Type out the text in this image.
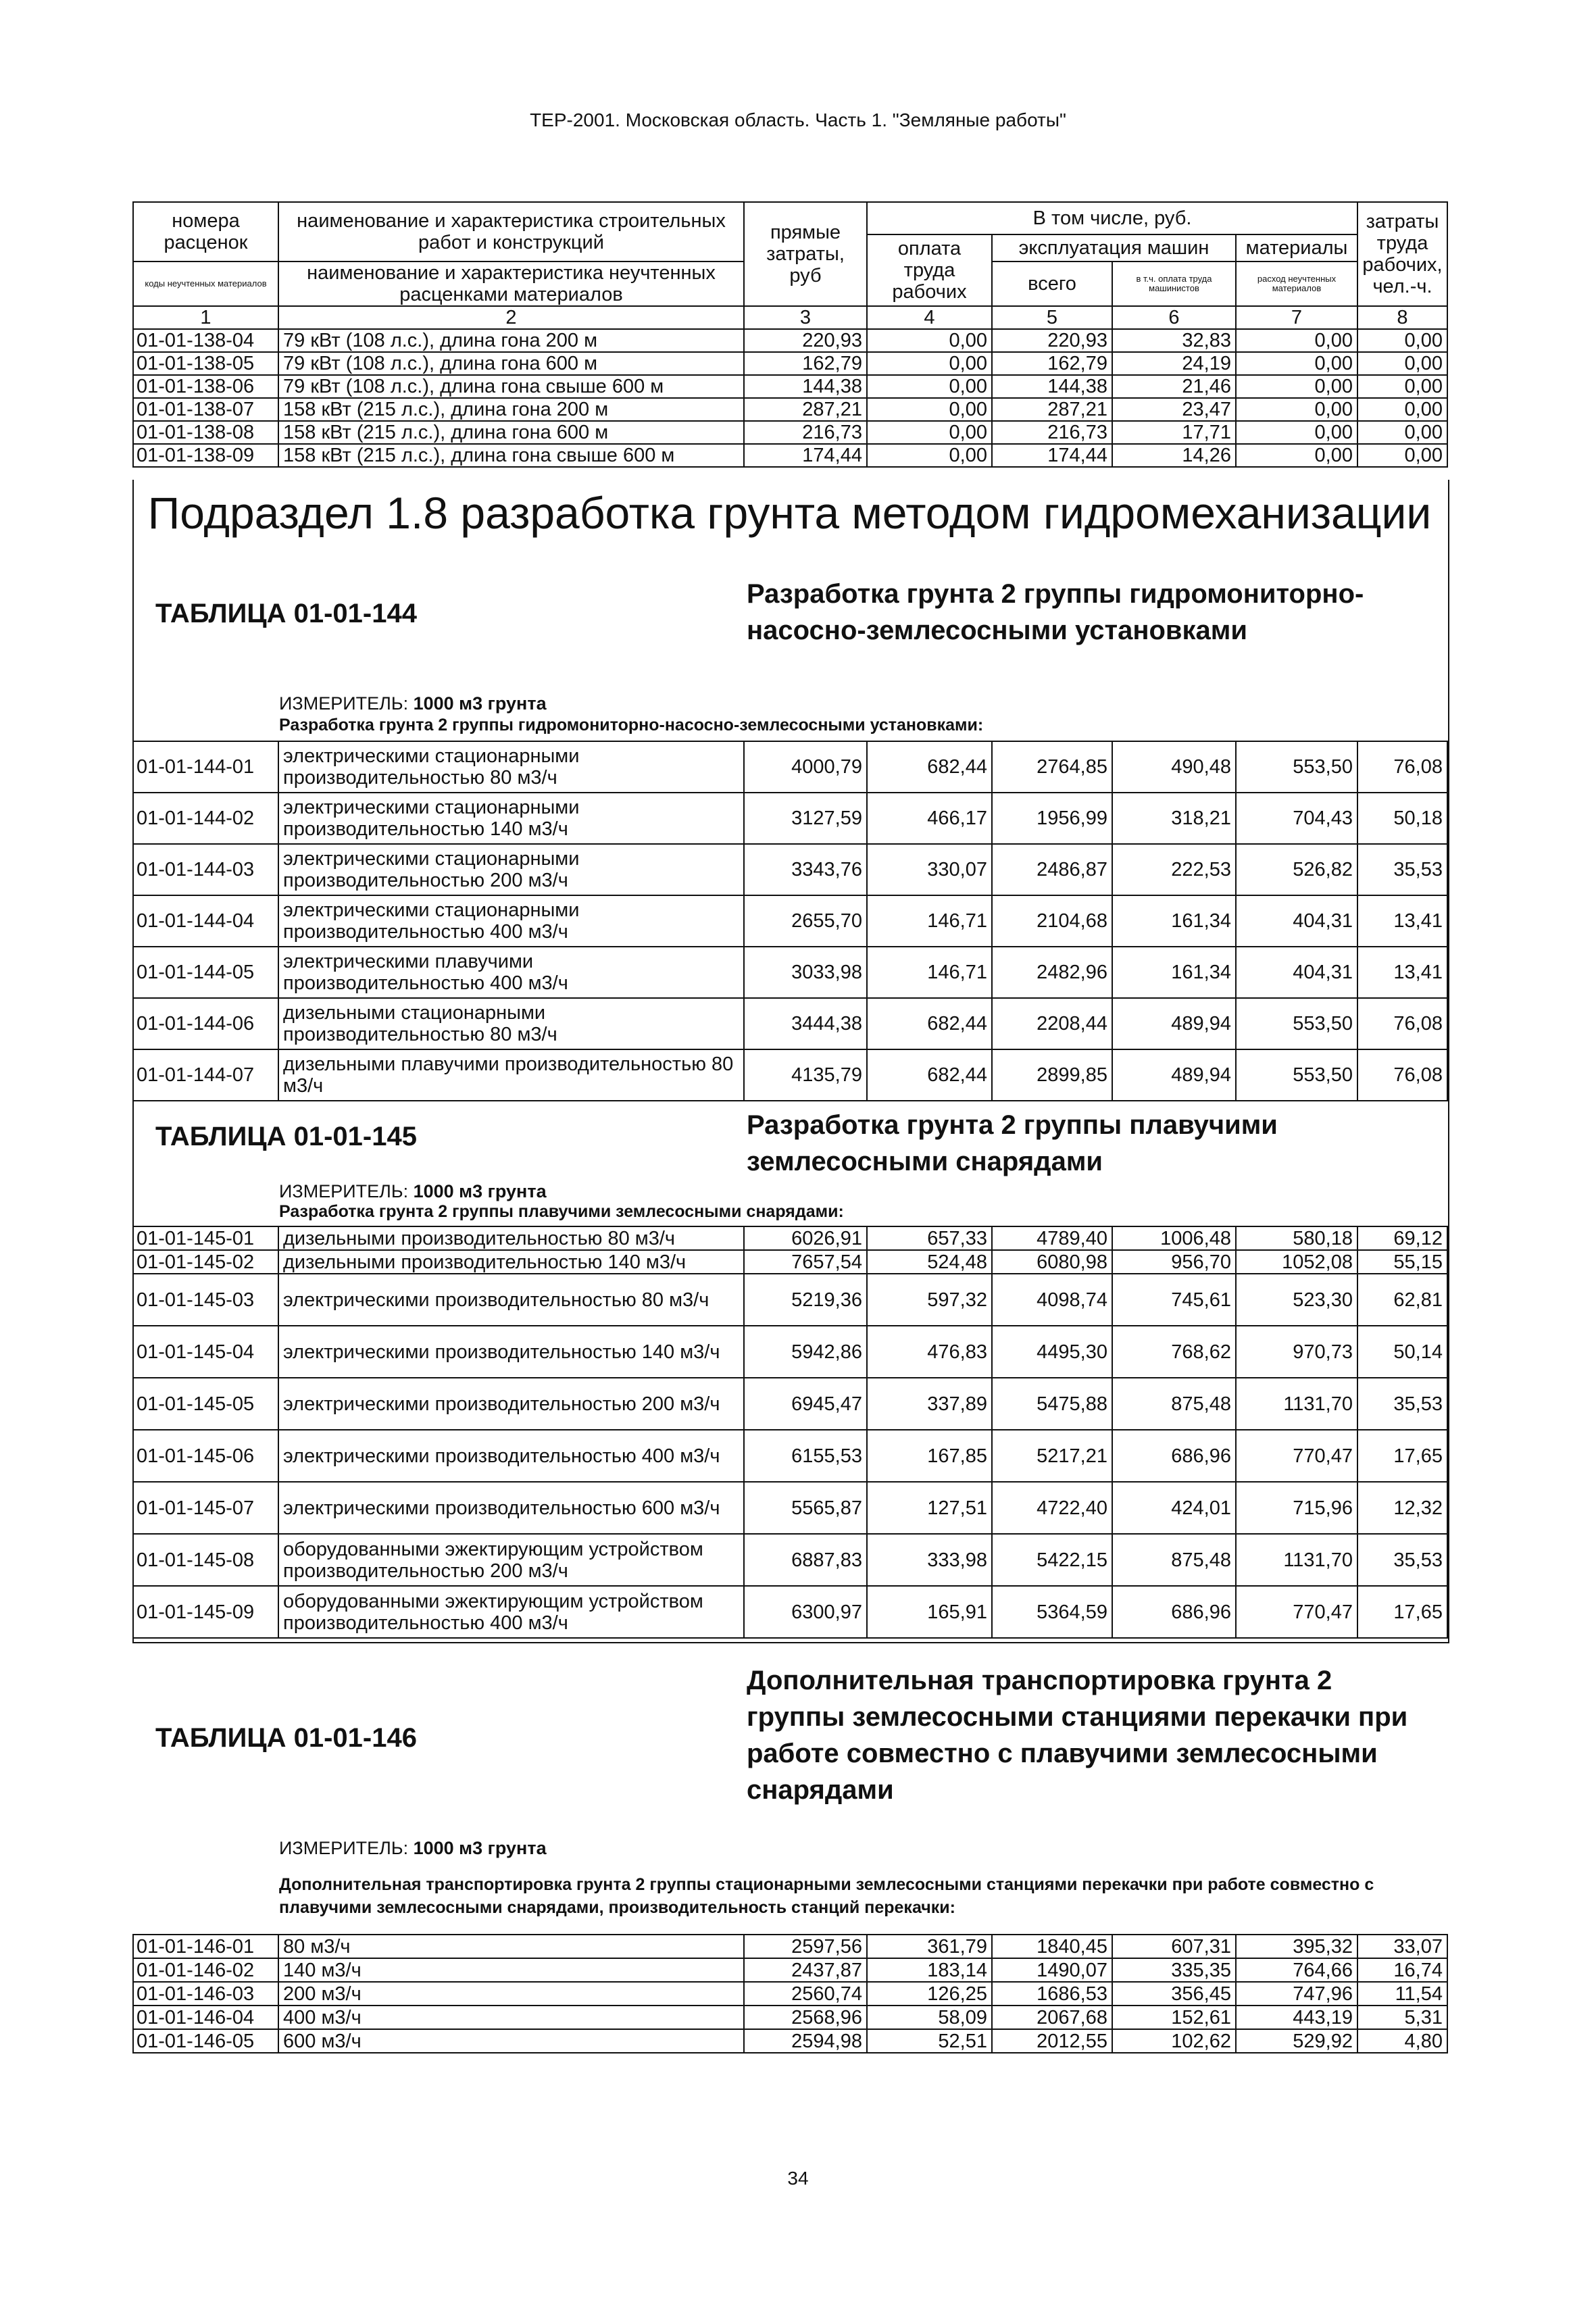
ТЕР-2001. Московская область. Часть 1. "Земляные работы"
номера расценок	наименование и характеристика строительных работ и конструкций	прямые затраты, руб	В том числе, руб.				затраты труда рабочих, чел.-ч.
			оплата труда рабочих	эксплуатация машин		материалы	

коды неучтенных материалов	наименование и характеристика неучтенных расценками материалов			всего	в т.ч. оплата труда машинистов	расход неучтенных материалов	

1	2	3	4	5	6	7	8
01-01-138-04	79 кВт (108 л.с.), длина гона 200 м	220,93	0,00	220,93	32,83	0,00	0,00
01-01-138-05	79 кВт (108 л.с.), длина гона 600 м	162,79	0,00	162,79	24,19	0,00	0,00
01-01-138-06	79 кВт (108 л.с.), длина гона свыше 600 м	144,38	0,00	144,38	21,46	0,00	0,00
01-01-138-07	158 кВт (215 л.с.), длина гона 200 м	287,21	0,00	287,21	23,47	0,00	0,00
01-01-138-08	158 кВт (215 л.с.), длина гона 600 м	216,73	0,00	216,73	17,71	0,00	0,00
01-01-138-09	158 кВт (215 л.с.), длина гона свыше 600 м	174,44	0,00	174,44	14,26	0,00	0,00
Подраздел 1.8 разработка грунта методом гидромеханизации
ТАБЛИЦА 01-01-144
Разработка грунта 2 группы гидромониторно-насосно-землесосными установками
ИЗМЕРИТЕЛЬ: 1000 м3 грунта
Разработка грунта 2 группы гидромониторно-насосно-землесосными установками:
01-01-144-01	электрическими стационарными производительностью 80 м3/ч	4000,79	682,44	2764,85	490,48	553,50	76,08
01-01-144-02	электрическими стационарными производительностью 140 м3/ч	3127,59	466,17	1956,99	318,21	704,43	50,18
01-01-144-03	электрическими стационарными производительностью 200 м3/ч	3343,76	330,07	2486,87	222,53	526,82	35,53
01-01-144-04	электрическими стационарными производительностью 400 м3/ч	2655,70	146,71	2104,68	161,34	404,31	13,41
01-01-144-05	электрическими плавучими производительностью 400 м3/ч	3033,98	146,71	2482,96	161,34	404,31	13,41
01-01-144-06	дизельными стационарными производительностью 80 м3/ч	3444,38	682,44	2208,44	489,94	553,50	76,08
01-01-144-07	дизельными плавучими производительностью 80 м3/ч	4135,79	682,44	2899,85	489,94	553,50	76,08
ТАБЛИЦА 01-01-145	Разработка грунта 2 группы плавучими землесосными снарядами
ИЗМЕРИТЕЛЬ: 1000 м3 грунта
Разработка грунта 2 группы плавучими землесосными снарядами:
01-01-145-01	дизельными производительностью 80 м3/ч	6026,91	657,33	4789,40	1006,48	580,18	69,12
01-01-145-02	дизельными производительностью 140 м3/ч	7657,54	524,48	6080,98	956,70	1052,08	55,15
01-01-145-03	электрическими производительностью 80 м3/ч	5219,36	597,32	4098,74	745,61	523,30	62,81
01-01-145-04	электрическими производительностью 140 м3/ч	5942,86	476,83	4495,30	768,62	970,73	50,14
01-01-145-05	электрическими производительностью 200 м3/ч	6945,47	337,89	5475,88	875,48	1131,70	35,53
01-01-145-06	электрическими производительностью 400 м3/ч	6155,53	167,85	5217,21	686,96	770,47	17,65
01-01-145-07	электрическими производительностью 600 м3/ч	5565,87	127,51	4722,40	424,01	715,96	12,32
01-01-145-08	оборудованными эжектирующим устройством производительностью 200 м3/ч	6887,83	333,98	5422,15	875,48	1131,70	35,53
01-01-145-09	оборудованными эжектирующим устройством производительностью 400 м3/ч	6300,97	165,91	5364,59	686,96	770,47	17,65
ТАБЛИЦА 01-01-146
Дополнительная транспортировка грунта 2 группы землесосными станциями перекачки при работе совместно с плавучими землесосными снарядами
ИЗМЕРИТЕЛЬ: 1000 м3 грунта
Дополнительная транспортировка грунта 2 группы стационарными землесосными станциями перекачки при работе совместно с плавучими землесосными снарядами, производительность станций перекачки:
01-01-146-01	80 м3/ч	2597,56	361,79	1840,45	607,31	395,32	33,07
01-01-146-02	140 м3/ч	2437,87	183,14	1490,07	335,35	764,66	16,74
01-01-146-03	200 м3/ч	2560,74	126,25	1686,53	356,45	747,96	11,54
01-01-146-04	400 м3/ч	2568,96	58,09	2067,68	152,61	443,19	5,31
01-01-146-05	600 м3/ч	2594,98	52,51	2012,55	102,62	529,92	4,80
34
